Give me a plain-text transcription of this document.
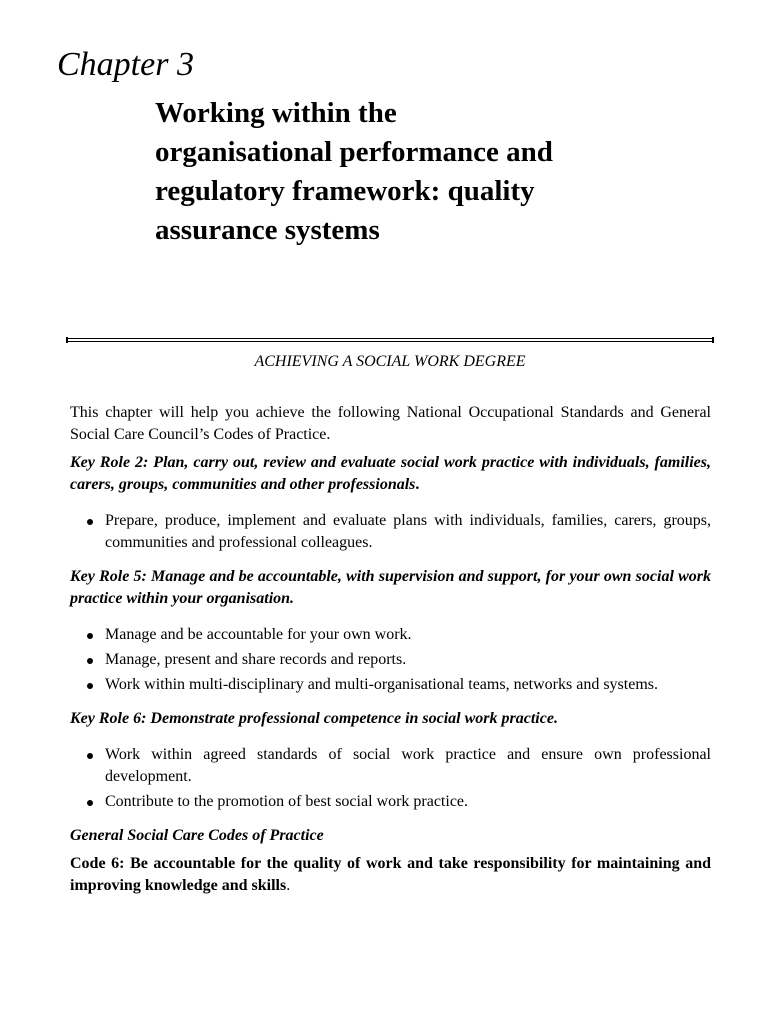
Chapter 3
Working within the organisational performance and regulatory framework: quality assurance systems

ACHIEVING A SOCIAL WORK DEGREE

This chapter will help you achieve the following National Occupational Standards and General Social Care Council’s Codes of Practice.

Key Role 2: Plan, carry out, review and evaluate social work practice with individuals, families, carers, groups, communities and other professionals.

Prepare, produce, implement and evaluate plans with individuals, families, carers, groups, communities and professional colleagues.

Key Role 5: Manage and be accountable, with supervision and support, for your own social work practice within your organisation.

Manage and be accountable for your own work.
Manage, present and share records and reports.
Work within multi-disciplinary and multi-organisational teams, networks and systems.

Key Role 6: Demonstrate professional competence in social work practice.

Work within agreed standards of social work practice and ensure own professional development.
Contribute to the promotion of best social work practice.

General Social Care Codes of Practice

Code 6: Be accountable for the quality of work and take responsibility for maintaining and improving knowledge and skills.
